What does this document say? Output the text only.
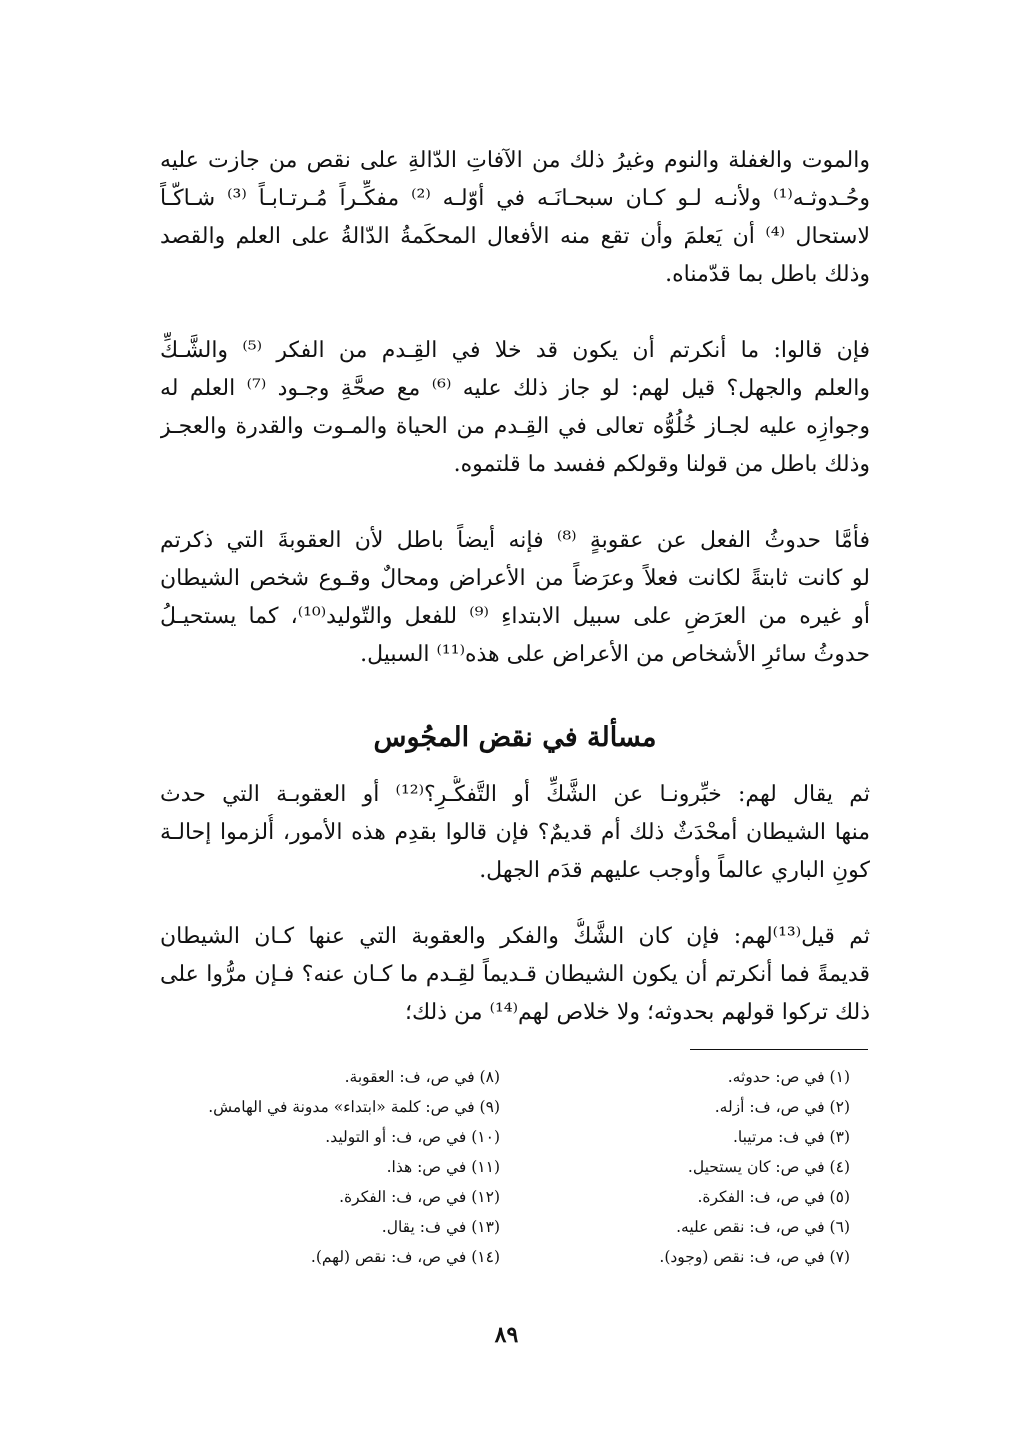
والموت والغفلة والنوم وغيرُ ذلك من الآفاتِ الدّالةِ على نقص من جازت عليه
وحُـدوثـه⁽¹⁾ ولأنـه لـو كـان سبحـانَـه في أوّلـه ⁽²⁾ مفكِّـراً مُـرتـابـاً ⁽³⁾ شـاكّـاً
لاستحال ⁽⁴⁾ أن يَعلمَ وأن تقع منه الأفعال المحكَمةُ الدّالةُ على العلم والقصد
وذلك باطل بما قدّمناه.
فإن قالوا: ما أنكرتم أن يكون قد خلا في القِـدم من الفكر ⁽⁵⁾ والشَّـكِّ
والعلم والجهل؟ قيل لهم: لو جاز ذلك عليه ⁽⁶⁾ مع صحَّةِ وجـود ⁽⁷⁾ العلم له
وجوازِه عليه لجـاز خُلُوُّه تعالى في القِـدم من الحياة والمـوت والقدرة والعجـز
وذلك باطل من قولنا وقولكم ففسد ما قلتموه.
فأمَّا حدوثُ الفعل عن عقوبةٍ ⁽⁸⁾ فإنه أيضاً باطل لأن العقوبةَ التي ذكرتم
لو كانت ثابتةً لكانت فعلاً وعرَضاً من الأعراض ومحالٌ وقـوع شخص الشيطان
أو غيره من العرَضِ على سبيل الابتداءِ ⁽⁹⁾ للفعل والتّوليد⁽¹⁰⁾، كما يستحيـلُ
حدوثُ سائرِ الأشخاص من الأعراض على هذه⁽¹¹⁾ السبيل.
مسألة في نقض المجُوس
ثم يقال لهم: خبِّرونـا عن الشَّكِّ أو التَّفكُّـرِ؟⁽¹²⁾ أو العقوبـة التي حدث
منها الشيطان أمحْدَثٌ ذلك أم قديمٌ؟ فإن قالوا بقدِم هذه الأمور، أُلزموا إحالـة
كونِ الباري عالماً وأوجب عليهم قدَم الجهل.
ثم قيل⁽¹³⁾لهم: فإن كان الشَّكُّ والفكر والعقوبة التي عنها كـان الشيطان
قديمةً فما أنكرتم أن يكون الشيطان قـديماً لقِـدم ما كـان عنه؟ فـإن مرُّوا على
ذلك تركوا قولهم بحدوثه؛ ولا خلاص لهم⁽¹⁴⁾ من ذلك؛
(١) في ص: حدوثه.
(٢) في ص، ف: أزله.
(٣) في ف: مرتيبا.
(٤) في ص: كان يستحيل.
(٥) في ص، ف: الفكرة.
(٦) في ص، ف: نقص عليه.
(٧) في ص، ف: نقص (وجود).
(٨) في ص، ف: العقوبة.
(٩) في ص: كلمة «ابتداء» مدونة في الهامش.
(١٠) في ص، ف: أو التوليد.
(١١) في ص: هذا.
(١٢) في ص، ف: الفكرة.
(١٣) في ف: يقال.
(١٤) في ص، ف: نقص (لهم).
٨٩
